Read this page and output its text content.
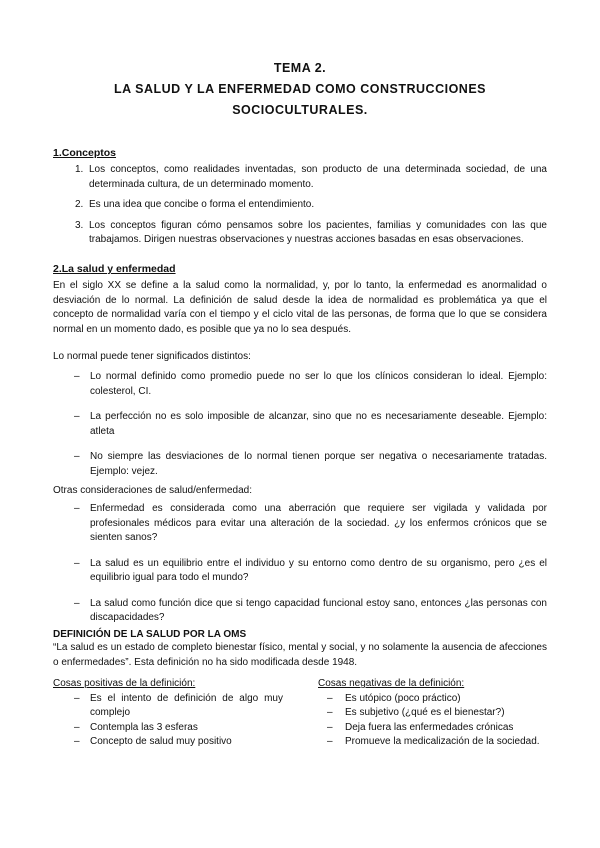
TEMA 2.
LA SALUD Y LA ENFERMEDAD COMO CONSTRUCCIONES
SOCIOCULTURALES.
1.Conceptos
1. Los conceptos, como realidades inventadas, son producto de una determinada sociedad, de una determinada cultura, de un determinado momento.
2. Es una idea que concibe o forma el entendimiento.
3. Los conceptos figuran cómo pensamos sobre los pacientes, familias y comunidades con las que trabajamos. Dirigen nuestras observaciones y nuestras acciones basadas en esas observaciones.
2.La salud y enfermedad
En el siglo XX se define a la salud como la normalidad, y, por lo tanto, la enfermedad es anormalidad o desviación de lo normal. La definición de salud desde la idea de normalidad es problemática ya que el concepto de normalidad varía con el tiempo y el ciclo vital de las personas, de forma que lo que se considera normal en un momento dado, es posible que ya no lo sea después.
Lo normal puede tener significados distintos:
– Lo normal definido como promedio puede no ser lo que los clínicos consideran lo ideal. Ejemplo: colesterol, CI.
– La perfección no es solo imposible de alcanzar, sino que no es necesariamente deseable. Ejemplo: atleta
– No siempre las desviaciones de lo normal tienen porque ser negativa o necesariamente tratadas. Ejemplo: vejez.
Otras consideraciones de salud/enfermedad:
– Enfermedad es considerada como una aberración que requiere ser vigilada y validada por profesionales médicos para evitar una alteración de la sociedad. ¿y los enfermos crónicos que se sienten sanos?
– La salud es un equilibrio entre el individuo y su entorno como dentro de su organismo, pero ¿es el equilibrio igual para todo el mundo?
– La salud como función dice que si tengo capacidad funcional estoy sano, entonces ¿las personas con discapacidades?
DEFINICIÓN DE LA SALUD POR LA OMS
“La salud es un estado de completo bienestar físico, mental y social, y no solamente la ausencia de afecciones o enfermedades”. Esta definición no ha sido modificada desde 1948.
Cosas positivas de la definición:
– Es el intento de definición de algo muy complejo
– Contempla las 3 esferas
– Concepto de salud muy positivo
Cosas negativas de la definición:
– Es utópico (poco práctico)
– Es subjetivo (¿qué es el bienestar?)
– Deja fuera las enfermedades crónicas
– Promueve la medicalización de la sociedad.
